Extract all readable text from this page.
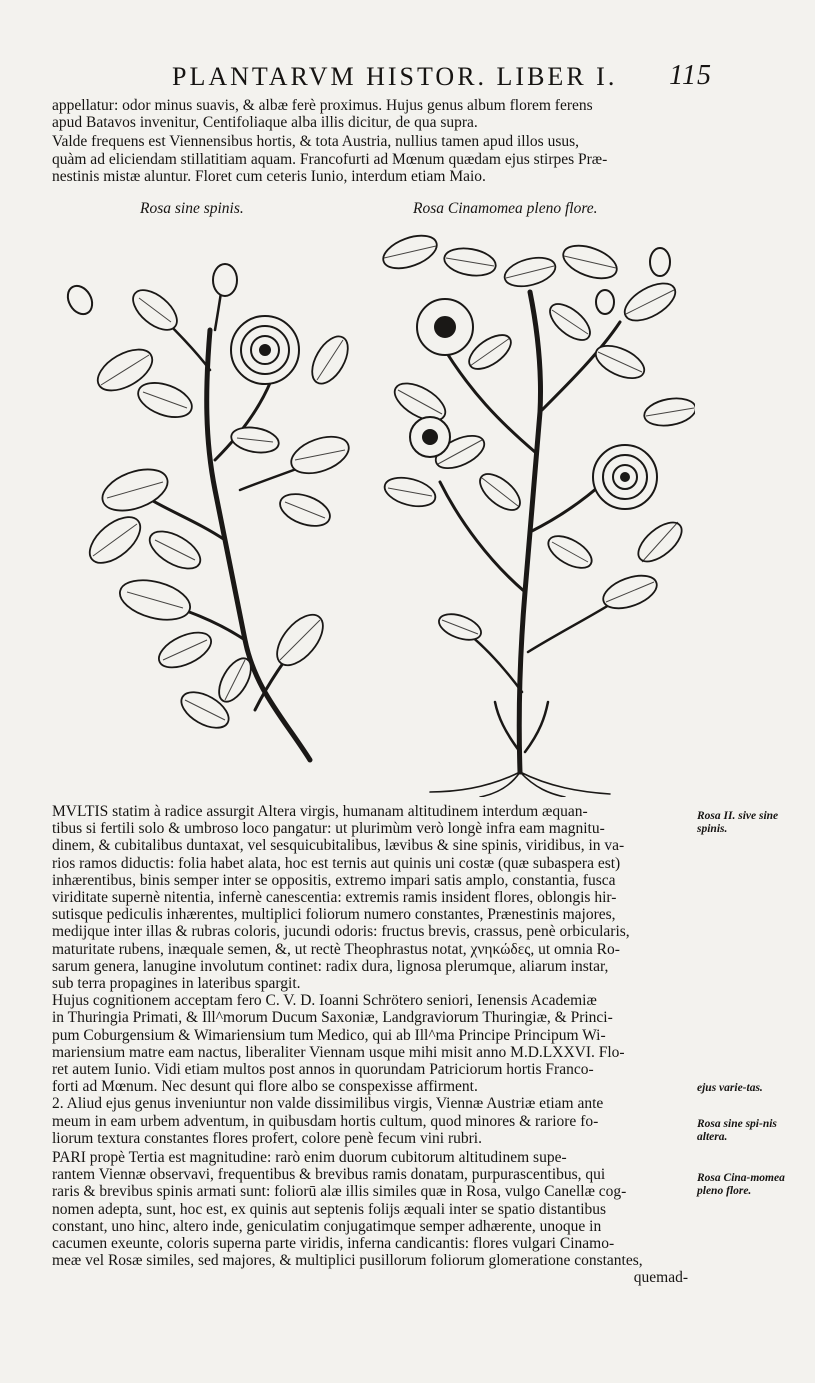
PLANTARVM HISTOR. LIBER I. 115
appellatur: odor minus suavis, & albæ ferè proximus. Hujus genus album florem ferens
apud Batavos invenitur, Centifoliaque alba illis dicitur, de qua supra.
Valde frequens est Viennensibus hortis, & tota Austria, nullius tamen apud illos usus,
quàm ad eliciendam stillatitiam aquam. Francofurti ad Mœnum quædam ejus stirpes Præ-
nestinis mistæ aluntur. Floret cum ceteris Iunio, interdum etiam Maio.
Rosa sine spinis.	Rosa Cinamomea pleno flore.
MVLTIS statim à radice assurgit Altera virgis, humanam altitudinem interdum æquan-
tibus si fertili solo & umbroso loco pangatur: ut plurimùm verò longè infra eam magnitu-
dinem, & cubitalibus duntaxat, vel sesquicubitalibus, lævibus & sine spinis, viridibus, in va-
rios ramos diductis: folia habet alata, hoc est ternis aut quinis uni costæ (quæ subaspera est)
inhærentibus, binis semper inter se oppositis, extremo impari satis amplo, constantia, fusca
viriditate supernè nitentia, infernè canescentia: extremis ramis insident flores, oblongis hir-
sutisque pediculis inhærentes, multiplici foliorum numero constantes, Prænestinis majores,
medijque inter illas & rubras coloris, jucundi odoris: fructus brevis, crassus, penè orbicularis,
maturitate rubens, inæquale semen, &, ut rectè Theophrastus notat, χνηκώδες, ut omnia Ro-
sarum genera, lanugine involutum continet: radix dura, lignosa plerumque, aliarum instar,
sub terra propagines in lateribus spargit.
Hujus cognitionem acceptam fero C. V. D. Ioanni Schrötero seniori, Ienensis Academiæ
in Thuringia Primati, & Ill^morum Ducum Saxoniæ, Landgraviorum Thuringiæ, & Princi-
pum Coburgensium & Wimariensium tum Medico, qui ab Ill^ma Principe Principum Wi-
mariensium matre eam nactus, liberaliter Viennam usque mihi misit anno M.D.LXXVI. Flo-
ret autem Iunio. Vidi etiam multos post annos in quorundam Patriciorum hortis Franco-
forti ad Mœnum. Nec desunt qui flore albo se conspexisse affirment.
2. Aliud ejus genus inveniuntur non valde dissimilibus virgis, Viennæ Austriæ etiam ante
meum in eam urbem adventum, in quibusdam hortis cultum, quod minores & rariore fo-
liorum textura constantes flores profert, colore penè fecum vini rubri.
PARI propè Tertia est magnitudine: rarò enim duorum cubitorum altitudinem supe-
rantem Viennæ observavi, frequentibus & brevibus ramis donatam, purpurascentibus, qui
raris & brevibus spinis armati sunt: foliorū alæ illis similes quæ in Rosa, vulgo Canellæ cog-
nomen adepta, sunt, hoc est, ex quinis aut septenis folijs æquali inter se spatio distantibus
constant, uno hinc, altero inde, geniculatim conjugatimque semper adhærente, unoque in
cacumen exeunte, coloris superna parte viridis, inferna candicantis: flores vulgari Cinamo-
meæ vel Rosæ similes, sed majores, & multiplici pusillorum foliorum glomeratione constantes,
quemad-
Rosa II. sive sine spinis.
ejus varie-tas.
Rosa sine spi-nis altera.
Rosa Cina-momea pleno flore.
